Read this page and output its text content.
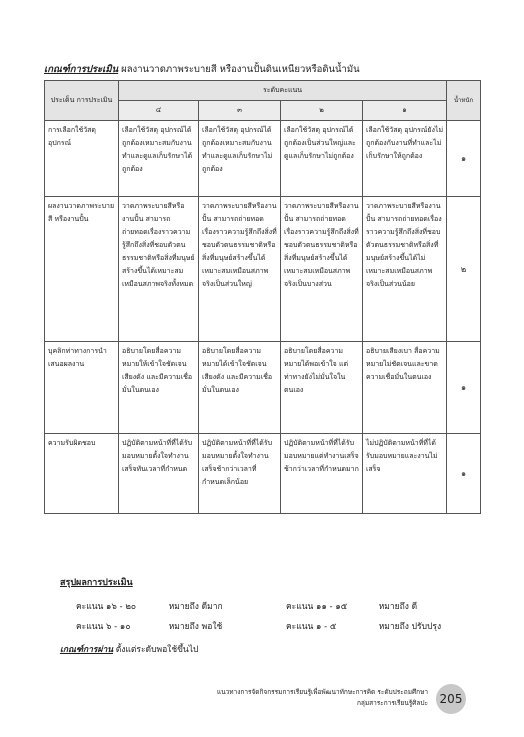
เกณฑ์การประเมิน ผลงานวาดภาพระบายสี หรืองานปั้นดินเหนียวหรือดินน้ำมัน
ประเด็น การประเมิน	ระดับคะแนน				น้ำหนัก
	๔	๓	๒	๑	
การเลือกใช้วัสดุ อุปกรณ์	เลือกใช้วัสดุ อุปกรณ์ได้ถูกต้องเหมาะสมกับงานทำและดูแลเก็บรักษาได้ถูกต้อง	เลือกใช้วัสดุ อุปกรณ์ได้ถูกต้องเหมาะสมกับงานทำและดูแลเก็บรักษาไม่ถูกต้อง	เลือกใช้วัสดุ อุปกรณ์ได้ถูกต้องเป็นส่วนใหญ่และดูแลเก็บรักษาไม่ถูกต้อง	เลือกใช้วัสดุ อุปกรณ์ยังไม่ถูกต้องกับงานที่ทำและไม่เก็บรักษาให้ถูกต้อง	๑
ผลงานวาดภาพระบายสี หรืองานปั้น	วาดภาพระบายสีหรืองานปั้น สามารถถ่ายทอดเรื่องราวความรู้สึกถึงสิ่งที่ชอบตัวตนธรรมชาติหรือสิ่งที่มนุษย์สร้างขึ้นได้เหมาะสมเหมือนสภาพจริงทั้งหมด	วาดภาพระบายสีหรืองานปั้น สามารถถ่ายทอดเรื่องราวความรู้สึกถึงสิ่งที่ชอบตัวตนธรรมชาติหรือสิ่งที่มนุษย์สร้างขึ้นได้เหมาะสมเหมือนสภาพจริงเป็นส่วนใหญ่	วาดภาพระบายสีหรืองานปั้น สามารถถ่ายทอดเรื่องราวความรู้สึกถึงสิ่งที่ชอบตัวตนธรรมชาติหรือสิ่งที่มนุษย์สร้างขึ้นได้เหมาะสมเหมือนสภาพจริงเป็นบางส่วน	วาดภาพระบายสีหรืองานปั้น สามารถถ่ายทอดเรื่องราวความรู้สึกถึงสิ่งที่ชอบตัวตนธรรมชาติหรือสิ่งที่มนุษย์สร้างขึ้นได้ไม่เหมาะสมเหมือนสภาพจริงเป็นส่วนน้อย	๒
บุคลิกท่าทางการนำเสนอผลงาน	อธิบายโดยสื่อความหมายให้เข้าใจชัดเจน เสียงดัง และมีความเชื่อมั่นในตนเอง	อธิบายโดยสื่อความหมายได้เข้าใจชัดเจน เสียงดัง และมีความเชื่อมั่นในตนเอง	อธิบายโดยสื่อความหมายได้พอเข้าใจ แต่ท่าทางยังไม่มั่นใจในตนเอง	อธิบายเสียงเบา สื่อความหมายไม่ชัดเจนและขาดความเชื่อมั่นในตนเอง	๑
ความรับผิดชอบ	ปฏิบัติตามหน้าที่ที่ได้รับมอบหมายตั้งใจทำงานเสร็จทันเวลาที่กำหนด	ปฏิบัติตามหน้าที่ที่ได้รับมอบหมายตั้งใจทำงานเสร็จช้ากว่าเวลาที่กำหนดเล็กน้อย	ปฏิบัติตามหน้าที่ที่ได้รับมอบหมายแต่ทำงานเสร็จช้ากว่าเวลาที่กำหนดมาก	ไม่ปฏิบัติตามหน้าที่ที่ได้รับมอบหมายและงานไม่เสร็จ	๑
สรุปผลการประเมิน
คะแนน ๑๖ - ๒๐	หมายถึง ดีมาก	คะแนน ๑๑ - ๑๕	หมายถึง ดี
คะแนน ๖ - ๑๐	หมายถึง พอใช้	คะแนน ๑ - ๕	หมายถึง ปรับปรุง
เกณฑ์การผ่าน ตั้งแต่ระดับพอใช้ขึ้นไป
แนวทางการจัดกิจกรรมการเรียนรู้เพื่อพัฒนาทักษะการคิด ระดับประถมศึกษา
กลุ่มสาระการเรียนรู้ศิลปะ 205
